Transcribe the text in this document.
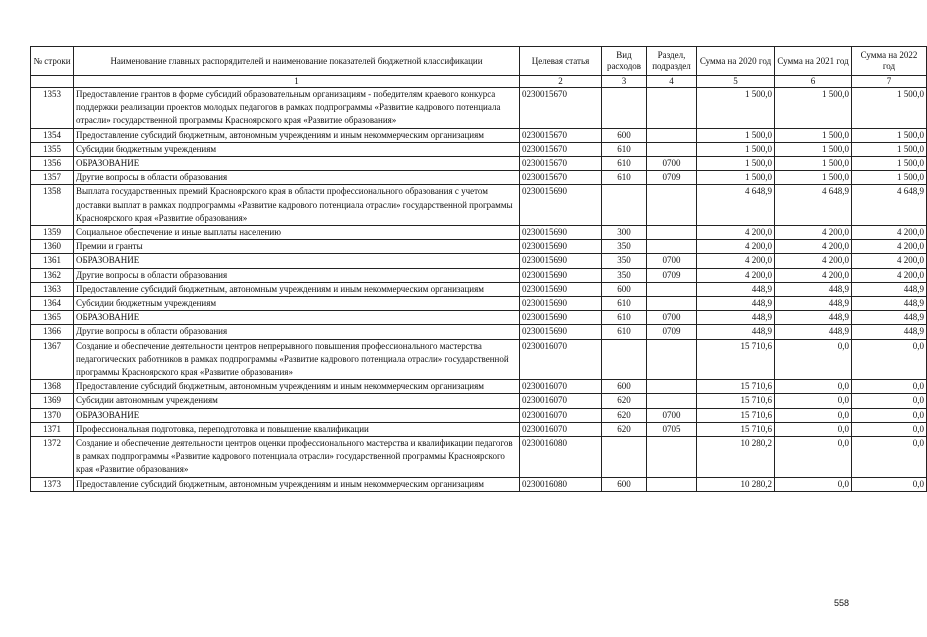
№ строки	Наименование главных распорядителей и наименование показателей бюджетной классификации	Целевая статья	Вид расходов	Раздел, подраздел	Сумма на 2020 год	Сумма на 2021 год	Сумма на 2022 год
	1	2	3	4	5	6	7
1353	Предоставление грантов в форме субсидий образовательным организациям - победителям краевого конкурса поддержки реализации проектов молодых педагогов в рамках подпрограммы «Развитие кадрового потенциала отрасли» государственной программы Красноярского края «Развитие образования»	0230015670			1 500,0	1 500,0	1 500,0
1354	Предоставление субсидий бюджетным, автономным учреждениям и иным некоммерческим организациям	0230015670	600		1 500,0	1 500,0	1 500,0
1355	Субсидии бюджетным учреждениям	0230015670	610		1 500,0	1 500,0	1 500,0
1356	ОБРАЗОВАНИЕ	0230015670	610	0700	1 500,0	1 500,0	1 500,0
1357	Другие вопросы в области образования	0230015670	610	0709	1 500,0	1 500,0	1 500,0
1358	Выплата государственных премий Красноярского края в области профессионального образования с учетом доставки выплат в рамках подпрограммы «Развитие кадрового потенциала отрасли» государственной программы Красноярского края «Развитие образования»	0230015690			4 648,9	4 648,9	4 648,9
1359	Социальное обеспечение и иные выплаты населению	0230015690	300		4 200,0	4 200,0	4 200,0
1360	Премии и гранты	0230015690	350		4 200,0	4 200,0	4 200,0
1361	ОБРАЗОВАНИЕ	0230015690	350	0700	4 200,0	4 200,0	4 200,0
1362	Другие вопросы в области образования	0230015690	350	0709	4 200,0	4 200,0	4 200,0
1363	Предоставление субсидий бюджетным, автономным учреждениям и иным некоммерческим организациям	0230015690	600		448,9	448,9	448,9
1364	Субсидии бюджетным учреждениям	0230015690	610		448,9	448,9	448,9
1365	ОБРАЗОВАНИЕ	0230015690	610	0700	448,9	448,9	448,9
1366	Другие вопросы в области образования	0230015690	610	0709	448,9	448,9	448,9
1367	Создание и обеспечение деятельности центров непрерывного повышения профессионального мастерства педагогических работников в рамках подпрограммы «Развитие кадрового потенциала отрасли» государственной программы Красноярского края «Развитие образования»	0230016070			15 710,6	0,0	0,0
1368	Предоставление субсидий бюджетным, автономным учреждениям и иным некоммерческим организациям	0230016070	600		15 710,6	0,0	0,0
1369	Субсидии автономным учреждениям	0230016070	620		15 710,6	0,0	0,0
1370	ОБРАЗОВАНИЕ	0230016070	620	0700	15 710,6	0,0	0,0
1371	Профессиональная подготовка, переподготовка и повышение квалификации	0230016070	620	0705	15 710,6	0,0	0,0
1372	Создание и обеспечение деятельности центров оценки профессионального мастерства и квалификации педагогов в рамках подпрограммы «Развитие кадрового потенциала отрасли» государственной программы Красноярского края «Развитие образования»	0230016080			10 280,2	0,0	0,0
1373	Предоставление субсидий бюджетным, автономным учреждениям и иным некоммерческим организациям	0230016080	600		10 280,2	0,0	0,0
558
